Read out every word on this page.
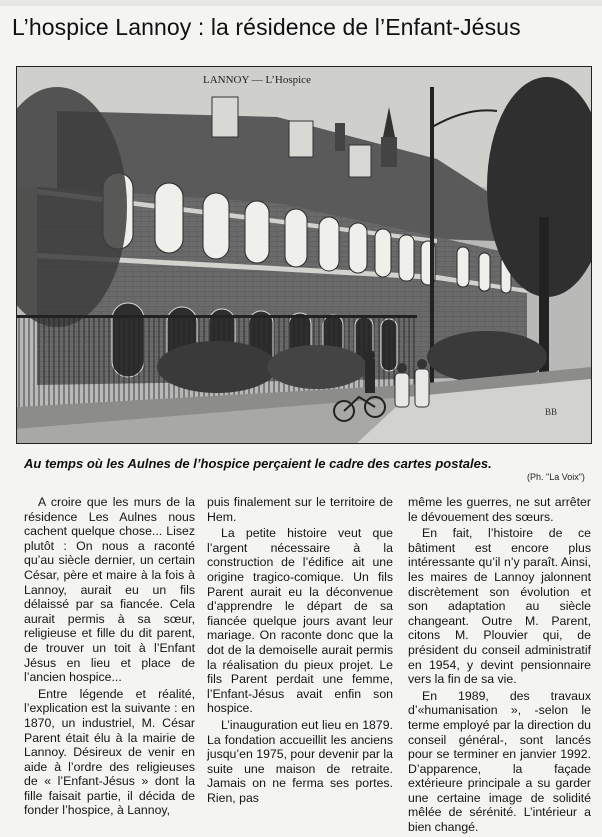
L’hospice Lannoy : la résidence de l’Enfant-Jésus
LANNOY — L’Hospice
BB
Au temps où les Aulnes de l’hospice perçaient le cadre des cartes postales.
(Ph. "La Voix")

A croire que les murs de la résidence Les Aulnes nous cachent quelque chose... Lisez plutôt : On nous a raconté qu’au siècle dernier, un certain César, père et maire à la fois à Lannoy, aurait eu un fils délaissé par sa fiancée. Cela aurait permis à sa sœur, religieuse et fille du dit parent, de trouver un toit à l’Enfant Jésus en lieu et place de l’ancien hospice...

Entre légende et réalité, l’explication est la suivante : en 1870, un industriel, M. César Parent était élu à la mairie de Lannoy. Désireux de venir en aide à l’ordre des religieuses de « l’Enfant-Jésus » dont la fille faisait partie, il décida de fonder l’hospice, à Lannoy,

puis finalement sur le territoire de Hem.

La petite histoire veut que l’argent nécessaire à la construction de l’édifice ait une origine tragico-comique. Un fils Parent aurait eu la déconvenue d’apprendre le départ de sa fiancée quelque jours avant leur mariage. On raconte donc que la dot de la demoiselle aurait permis la réalisation du pieux projet. Le fils Parent perdait une femme, l’Enfant-Jésus avait enfin son hospice.

L’inauguration eut lieu en 1879. La fondation accueillit les anciens jusqu’en 1975, pour devenir par la suite une maison de retraite. Jamais on ne ferma ses portes. Rien, pas

même les guerres, ne sut arrêter le dévouement des sœurs.

En fait, l’histoire de ce bâtiment est encore plus intéressante qu’il n’y paraît. Ainsi, les maires de Lannoy jalonnent discrètement son évolution et son adaptation au siècle changeant. Outre M. Parent, citons M. Plouvier qui, de président du conseil administratif en 1954, y devint pensionnaire vers la fin de sa vie.

En 1989, des travaux d’«humanisation », -selon le terme employé par la direction du conseil général-, sont lancés pour se terminer en janvier 1992. D’apparence, la façade extérieure principale a su garder une certaine image de solidité mêlée de sérénité. L’intérieur a bien changé.
